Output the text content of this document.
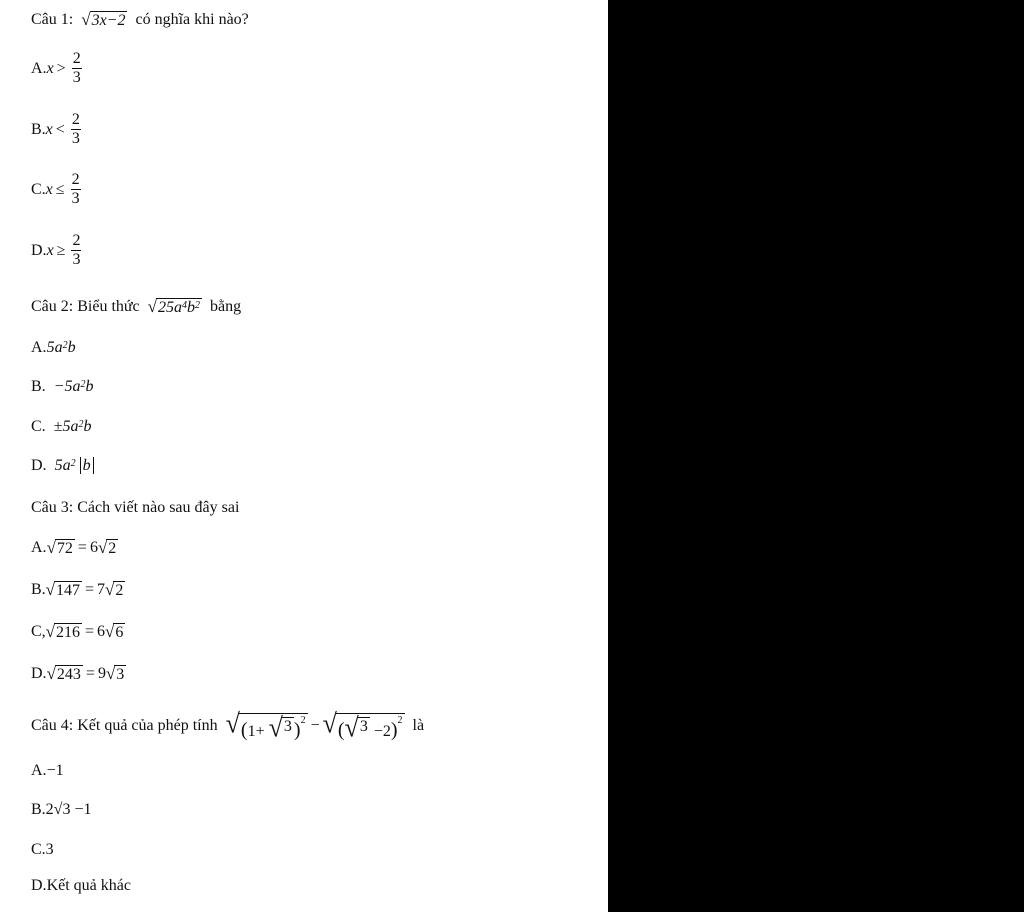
Câu 1: √ 3x−2 có nghĩa khi nào?
A. $x > \frac{2}{3}$
B. $x < \frac{2}{3}$
C. $x \le \frac{2}{3}$
D. $x \ge \frac{2}{3}$
Câu 2: Biểu thức √ $25a^4b^2$ bằng
A. $5a^2b$
B. $-5a^2b$
C. $\pm 5a^2b$
D. $5a^2$ b
Câu 3: Cách viết nào sau đây sai
A. √ 72 = 6 √ 2
B. √ 147 = 7 √ 2
C, √ 216 = 6 √ 6
D. √ 243 = 9 √ 3
Câu 4: Kết quả của phép tính √ (1+ √ 3 )$^2$ − √ ( √ 3 −2)$^2$ là
A. −1
B. 2√3 −1
C. 3
D. Kết quả khác
